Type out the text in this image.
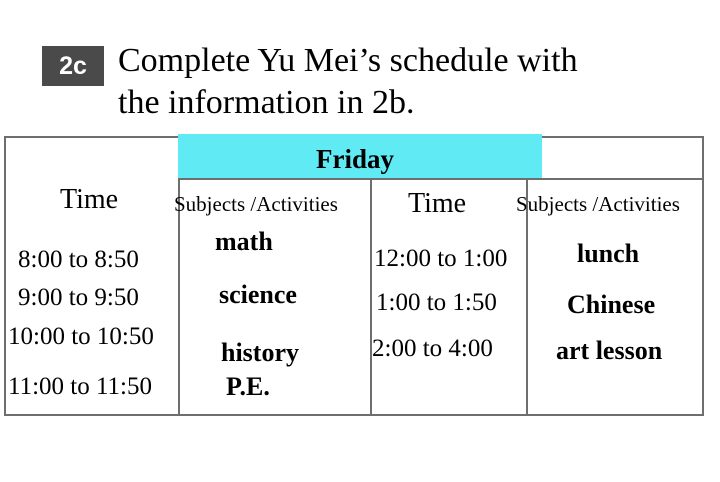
2c Complete Yu Mei’s schedule with
the information in 2b.
Friday
Time	Subjects /Activities	Time Subjects /Activities
8:00 to 8:50
9:00 to 9:50
10:00 to 10:50
11:00 to 11:50
math
science
history
P.E.
12:00 to 1:00
1:00 to 1:50
2:00 to 4:00
lunch
Chinese
art lesson
